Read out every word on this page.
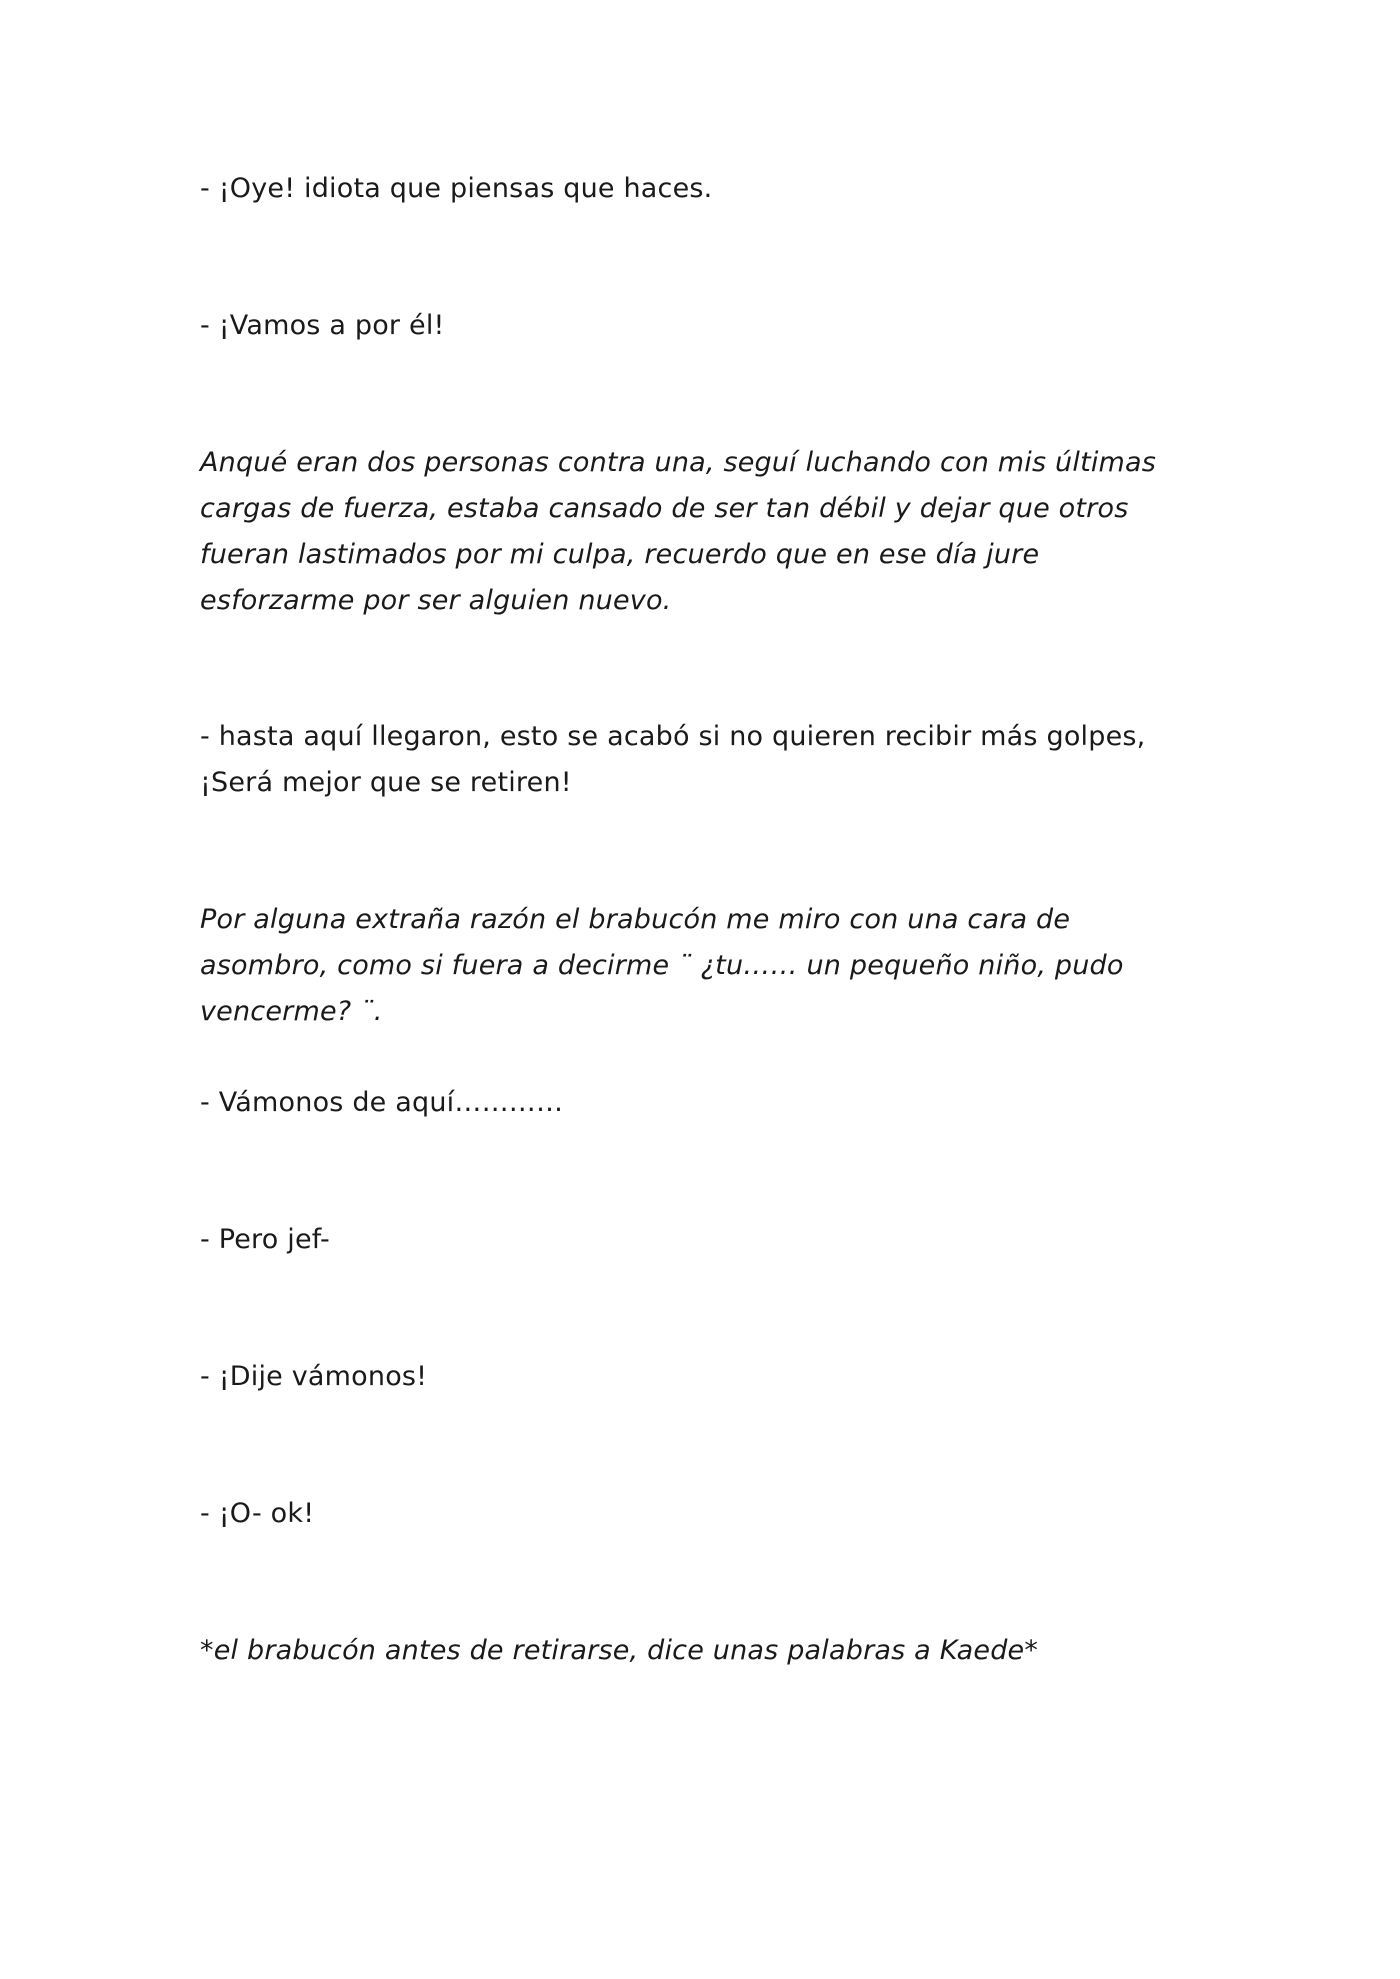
- ¡Oye! idiota que piensas que haces.

- ¡Vamos a por él!

Anqué eran dos personas contra una, seguí luchando con mis últimas cargas de fuerza, estaba cansado de ser tan débil y dejar que otros fueran lastimados por mi culpa, recuerdo que en ese día jure esforzarme por ser alguien nuevo.

- hasta aquí llegaron, esto se acabó si no quieren recibir más golpes, ¡Será mejor que se retiren!

Por alguna extraña razón el brabucón me miro con una cara de asombro, como si fuera a decirme ¨ ¿tu…… un pequeño niño, pudo vencerme? ¨.

- Vámonos de aquí…………

- Pero jef-

- ¡Dije vámonos!

- ¡O- ok!

*el brabucón antes de retirarse, dice unas palabras a Kaede*
